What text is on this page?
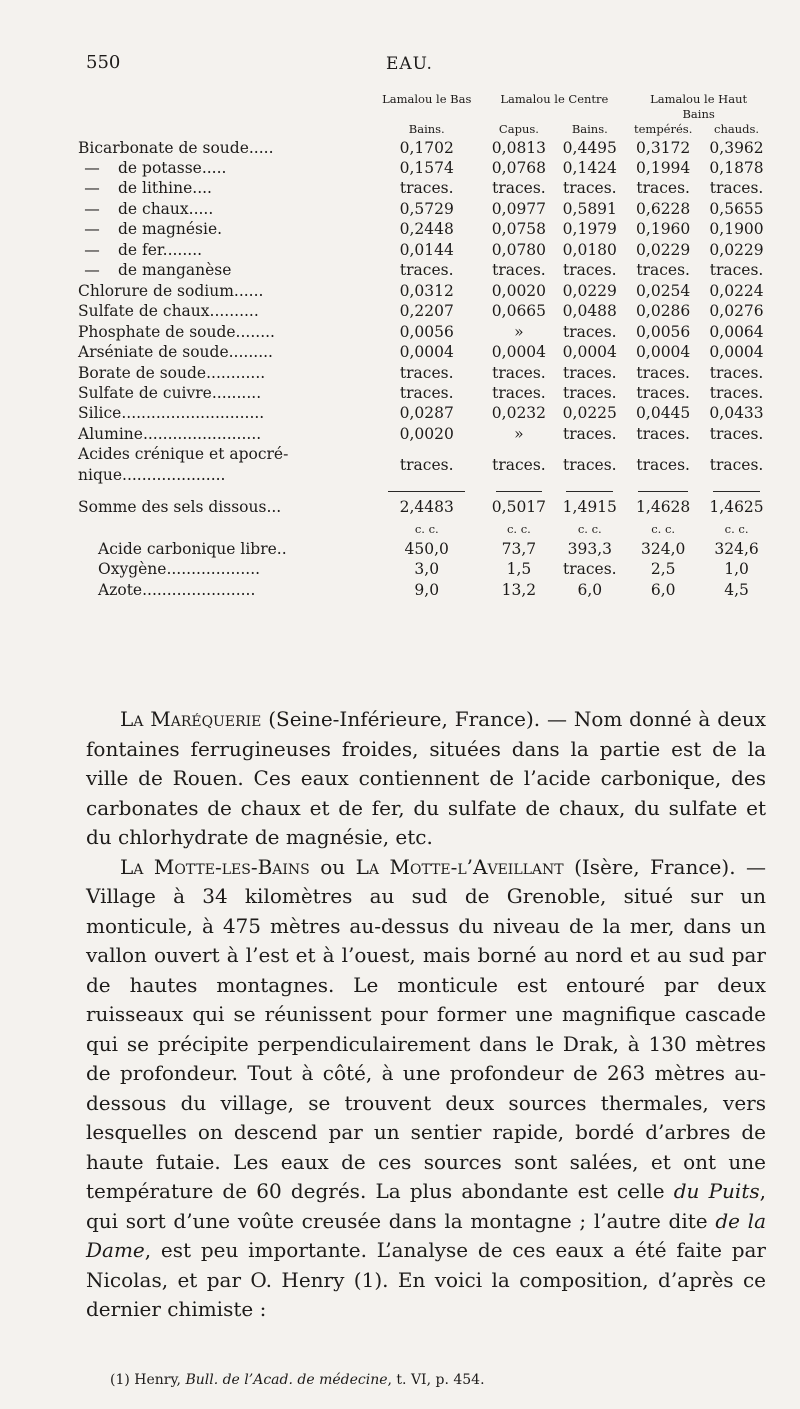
550	EAU.
	Lamalou le Bas	Lamalou le Centre		Lamalou le Haut
Bains	

	Bains.	Capus.	Bains.	tempérés.	chauds.
Bicarbonate de soude.....	0,1702	0,0813	0,4495	0,3172	0,3962
— de potasse.....	0,1574	0,0768	0,1424	0,1994	0,1878
— de lithine....	traces.	traces.	traces.	traces.	traces.
— de chaux.....	0,5729	0,0977	0,5891	0,6228	0,5655
— de magnésie.	0,2448	0,0758	0,1979	0,1960	0,1900
— de fer........	0,0144	0,0780	0,0180	0,0229	0,0229
— de manganèse	traces.	traces.	traces.	traces.	traces.
Chlorure de sodium......	0,0312	0,0020	0,0229	0,0254	0,0224
Sulfate de chaux..........	0,2207	0,0665	0,0488	0,0286	0,0276
Phosphate de soude........	0,0056	»	traces.	0,0056	0,0064
Arséniate de soude.........	0,0004	0,0004	0,0004	0,0004	0,0004
Borate de soude............	traces.	traces.	traces.	traces.	traces.
Sulfate de cuivre..........	traces.	traces.	traces.	traces.	traces.
Silice.............................	0,0287	0,0232	0,0225	0,0445	0,0433
Alumine........................	0,0020	»	traces.	traces.	traces.

Acides crénique et apocré-
nique.....................	traces.	traces.	traces.	traces.	traces.

Somme des sels dissous...	2,4483	0,5017	1,4915	1,4628	1,4625
	c. c.	c. c.	c. c.	c. c.	c. c.
Acide carbonique libre..	450,0	73,7	393,3	324,0	324,6
Oxygène...................	3,0	1,5	traces.	2,5	1,0
Azote.......................	9,0	13,2	6,0	6,0	4,5

La Maréquerie (Seine-Inférieure, France). — Nom donné à deux fontaines ferrugineuses froides, situées dans la partie est de la ville de Rouen. Ces eaux contiennent de l’acide carbonique, des carbonates de chaux et de fer, du sulfate de chaux, du sulfate et du chlorhydrate de magnésie, etc.

La Motte-les-Bains ou La Motte-l’Aveillant (Isère, France). — Village à 34 kilomètres au sud de Grenoble, situé sur un monticule, à 475 mètres au-dessus du niveau de la mer, dans un vallon ouvert à l’est et à l’ouest, mais borné au nord et au sud par de hautes montagnes. Le monticule est entouré par deux ruisseaux qui se réunissent pour former une magnifique cascade qui se précipite perpendiculairement dans le Drak, à 130 mètres de profondeur. Tout à côté, à une profondeur de 263 mètres au-dessous du village, se trouvent deux sources thermales, vers lesquelles on descend par un sentier rapide, bordé d’arbres de haute futaie. Les eaux de ces sources sont salées, et ont une température de 60 degrés. La plus abondante est celle du Puits, qui sort d’une voûte creusée dans la montagne ; l’autre dite de la Dame, est peu importante. L’analyse de ces eaux a été faite par Nicolas, et par O. Henry (1). En voici la composition, d’après ce dernier chimiste :

(1) Henry, Bull. de l’Acad. de médecine, t. VI, p. 454.
